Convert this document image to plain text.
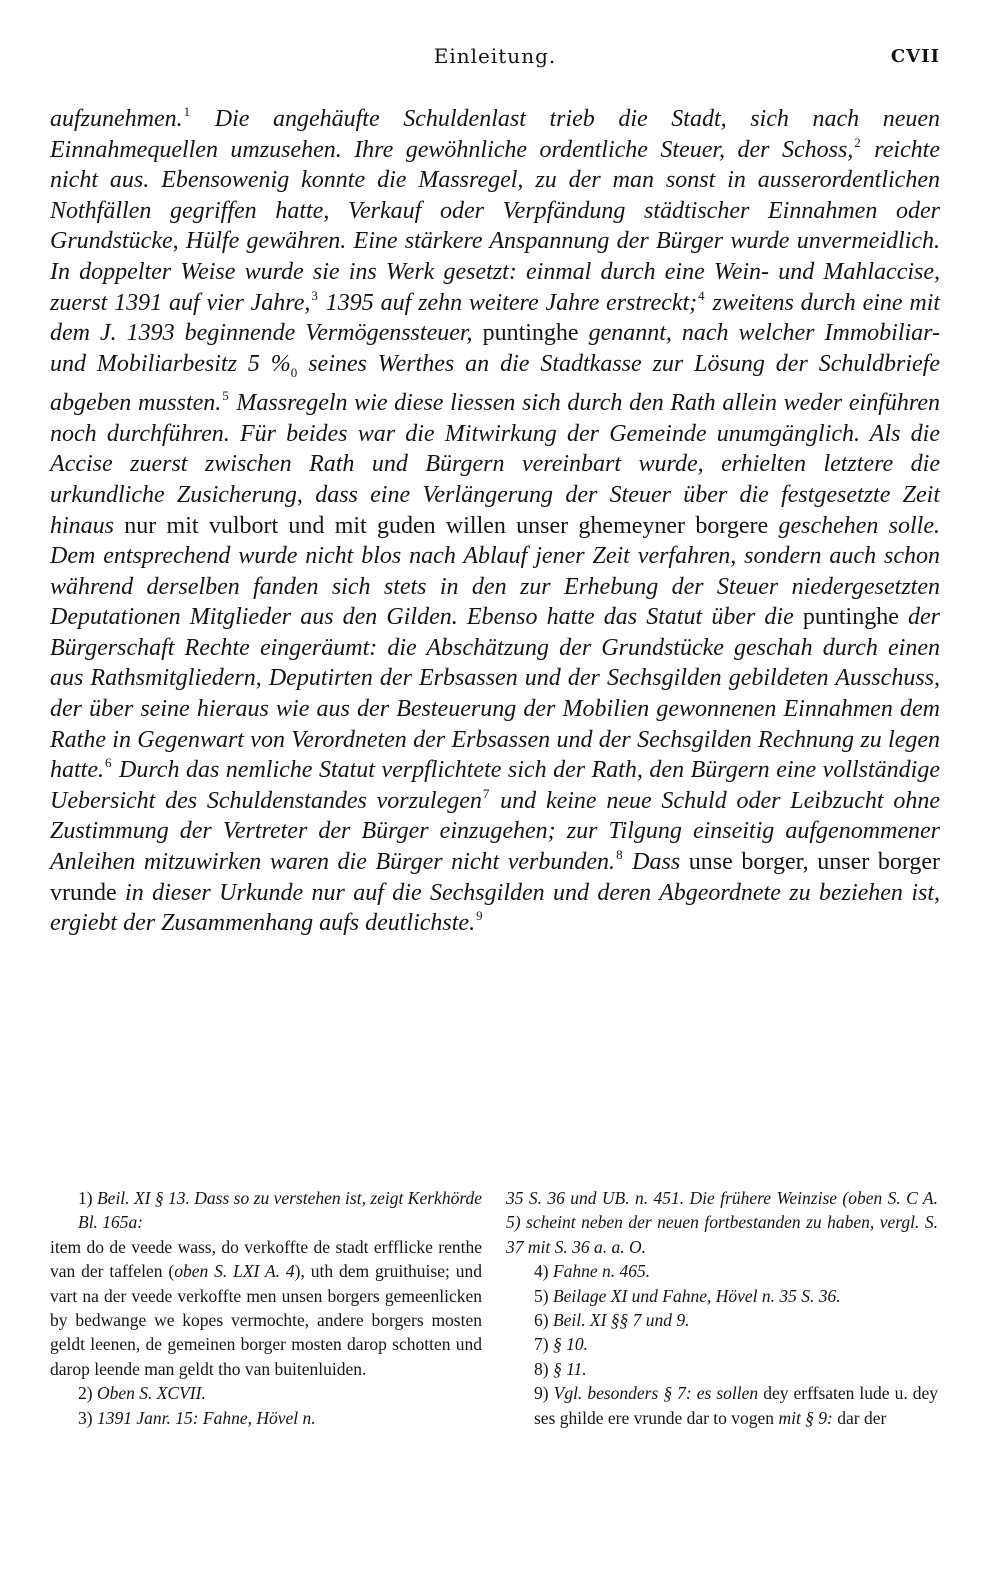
Einleitung.	CVII

aufzunehmen.$^1$ Die angehäufte Schuldenlast trieb die Stadt, sich nach neuen Einnahmequellen umzusehen. Ihre gewöhnliche ordentliche Steuer, der Schoss,$^2$ reichte nicht aus. Ebensowenig konnte die Massregel, zu der man sonst in ausserordentlichen Nothfällen gegriffen hatte, Verkauf oder Verpfändung städtischer Einnahmen oder Grundstücke, Hülfe gewähren. Eine stärkere Anspannung der Bürger wurde unvermeidlich. In doppelter Weise wurde sie ins Werk gesetzt: einmal durch eine Wein- und Mahlaccise, zuerst 1391 auf vier Jahre,$^3$ 1395 auf zehn weitere Jahre erstreckt;$^4$ zweitens durch eine mit dem J. 1393 beginnende Vermögenssteuer, puntinghe genannt, nach welcher Immobiliar- und Mobiliarbesitz 5 $\%_0$ seines Werthes an die Stadtkasse zur Lösung der Schuldbriefe abgeben mussten.$^5$ Massregeln wie diese liessen sich durch den Rath allein weder einführen noch durchführen. Für beides war die Mitwirkung der Gemeinde unumgänglich. Als die Accise zuerst zwischen Rath und Bürgern vereinbart wurde, erhielten letztere die urkundliche Zusicherung, dass eine Verlängerung der Steuer über die festgesetzte Zeit hinaus nur mit vulbort und mit guden willen unser ghemeyner borgere geschehen solle. Dem entsprechend wurde nicht blos nach Ablauf jener Zeit verfahren, sondern auch schon während derselben fanden sich stets in den zur Erhebung der Steuer niedergesetzten Deputationen Mitglieder aus den Gilden. Ebenso hatte das Statut über die puntinghe der Bürgerschaft Rechte eingeräumt: die Abschätzung der Grundstücke geschah durch einen aus Rathsmitgliedern, Deputirten der Erbsassen und der Sechsgilden gebildeten Ausschuss, der über seine hieraus wie aus der Besteuerung der Mobilien gewonnenen Einnahmen dem Rathe in Gegenwart von Verordneten der Erbsassen und der Sechsgilden Rechnung zu legen hatte.$^6$ Durch das nemliche Statut verpflichtete sich der Rath, den Bürgern eine vollständige Uebersicht des Schuldenstandes vorzulegen$^7$ und keine neue Schuld oder Leibzucht ohne Zustimmung der Vertreter der Bürger einzugehen; zur Tilgung einseitig aufgenommener Anleihen mitzuwirken waren die Bürger nicht verbunden.$^8$ Dass unse borger, unser borger vrunde in dieser Urkunde nur auf die Sechsgilden und deren Abgeordnete zu beziehen ist, ergiebt der Zusammenhang aufs deutlichste.$^9$

1) Beil. XI § 13. Dass so zu verstehen ist, zeigt Kerkhörde Bl. 165a:
item do de veede wass, do verkoffte de stadt erfflicke renthe van der taffelen (oben S. LXI A. 4), uth dem gruithuise; und vart na der veede verkoffte men unsen borgers gemeenlicken by bedwange we kopes vermochte, andere borgers mosten geldt leenen, de gemeinen borger mosten darop schotten und darop leende man geldt tho van buitenluiden.
2) Oben S. XCVII.
3) 1391 Janr. 15: Fahne, Hövel n.
35 S. 36 und UB. n. 451. Die frühere Weinzise (oben S. C A. 5) scheint neben der neuen fortbestanden zu haben, vergl. S. 37 mit S. 36 a. a. O.
4) Fahne n. 465.
5) Beilage XI und Fahne, Hövel n. 35 S. 36.
6) Beil. XI §§ 7 und 9.
7) § 10.
8) § 11.
9) Vgl. besonders § 7: es sollen dey erffsaten lude u. dey ses ghilde ere vrunde dar to vogen mit § 9: dar der
